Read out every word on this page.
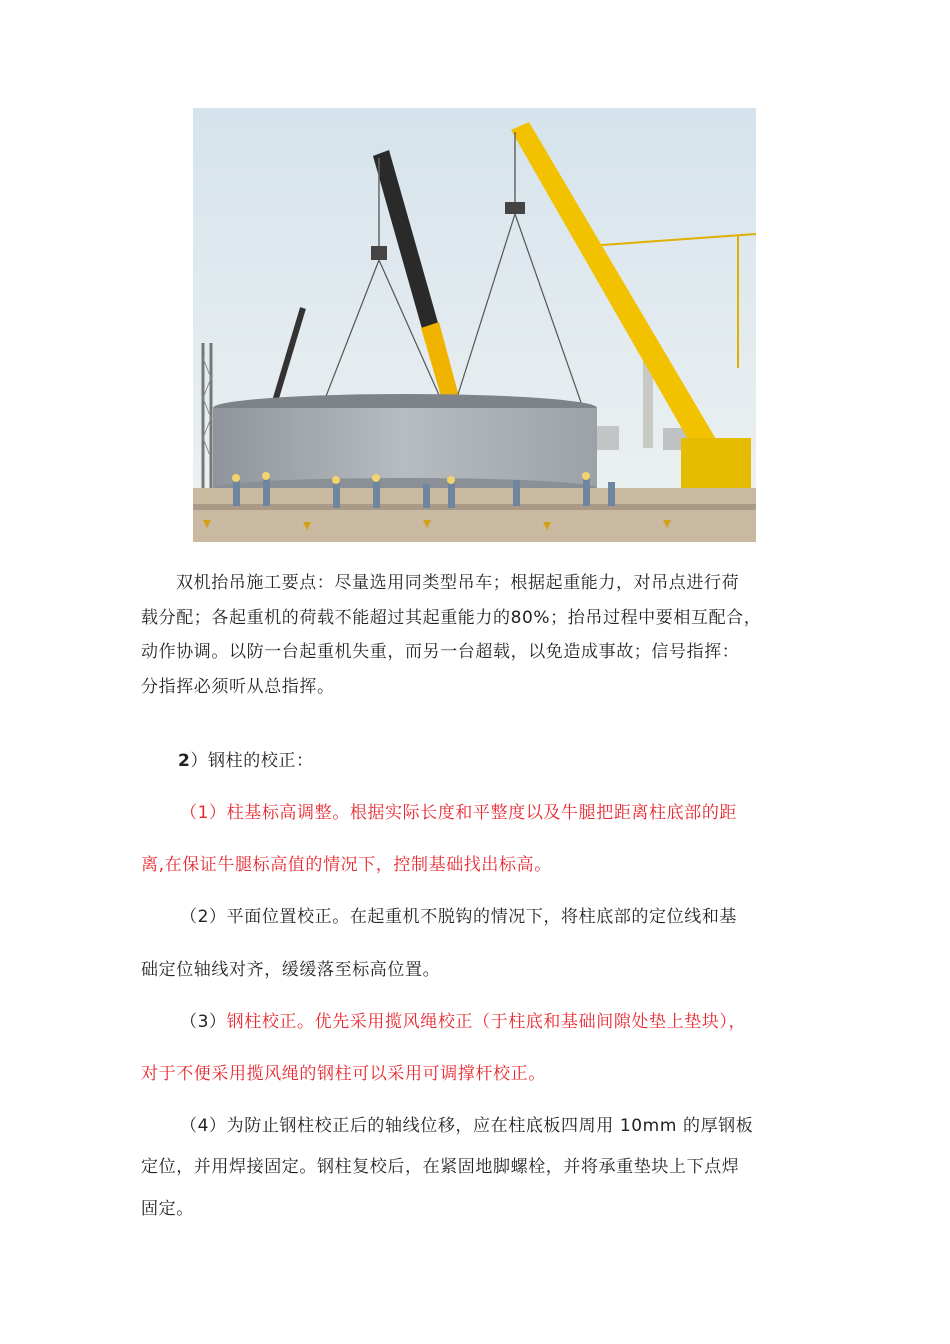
双机抬吊施工要点：尽量选用同类型吊车；根据起重能力，对吊点进行荷
载分配；各起重机的荷载不能超过其起重能力的80%；抬吊过程中要相互配合，
动作协调。以防一台起重机失重，而另一台超载，以免造成事故；信号指挥：
分指挥必须听从总指挥。
2）钢柱的校正：
（1）柱基标高调整。根据实际长度和平整度以及牛腿把距离柱底部的距
离,在保证牛腿标高值的情况下，控制基础找出标高。
（2）平面位置校正。在起重机不脱钩的情况下，将柱底部的定位线和基
础定位轴线对齐，缓缓落至标高位置。
（3）钢柱校正。优先采用揽风绳校正（于柱底和基础间隙处垫上垫块），
对于不便采用揽风绳的钢柱可以采用可调撑杆校正。
（4）为防止钢柱校正后的轴线位移，应在柱底板四周用 10mm 的厚钢板
定位，并用焊接固定。钢柱复校后，在紧固地脚螺栓，并将承重垫块上下点焊
固定。
